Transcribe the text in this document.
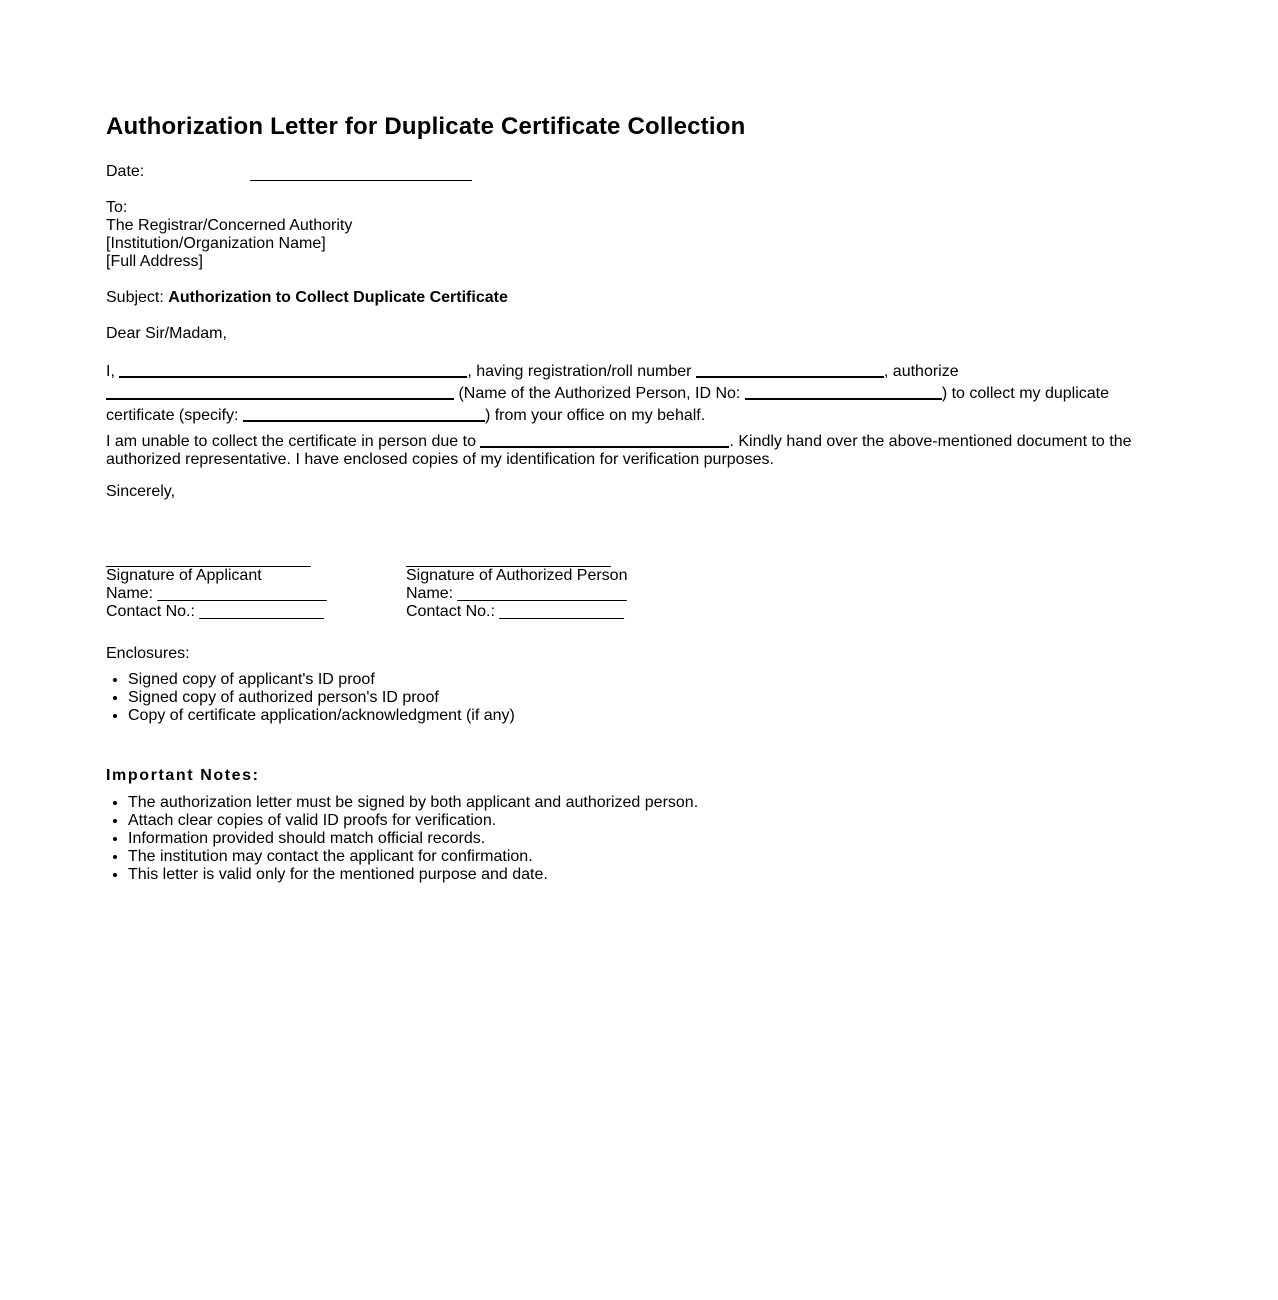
Authorization Letter for Duplicate Certificate Collection
Date:
To:
The Registrar/Concerned Authority
[Institution/Organization Name]
[Full Address]
Subject: Authorization to Collect Duplicate Certificate
Dear Sir/Madam,
I,	, having registration/roll number	, authorize
(Name of the Authorized Person, ID No:	) to collect my duplicate certificate (specify:	) from your office on my behalf.
I am unable to collect the certificate in person due to	. Kindly hand over the above-mentioned document to the authorized representative. I have enclosed copies of my identification for verification purposes.
Sincerely,
Signature of Applicant
Name: ___________________
Contact No.: ______________
Signature of Authorized Person
Name: ___________________
Contact No.: ______________
Enclosures:
• Signed copy of applicant's ID proof
• Signed copy of authorized person's ID proof
• Copy of certificate application/acknowledgment (if any)
Important Notes:
• The authorization letter must be signed by both applicant and authorized person.
• Attach clear copies of valid ID proofs for verification.
• Information provided should match official records.
• The institution may contact the applicant for confirmation.
• This letter is valid only for the mentioned purpose and date.
